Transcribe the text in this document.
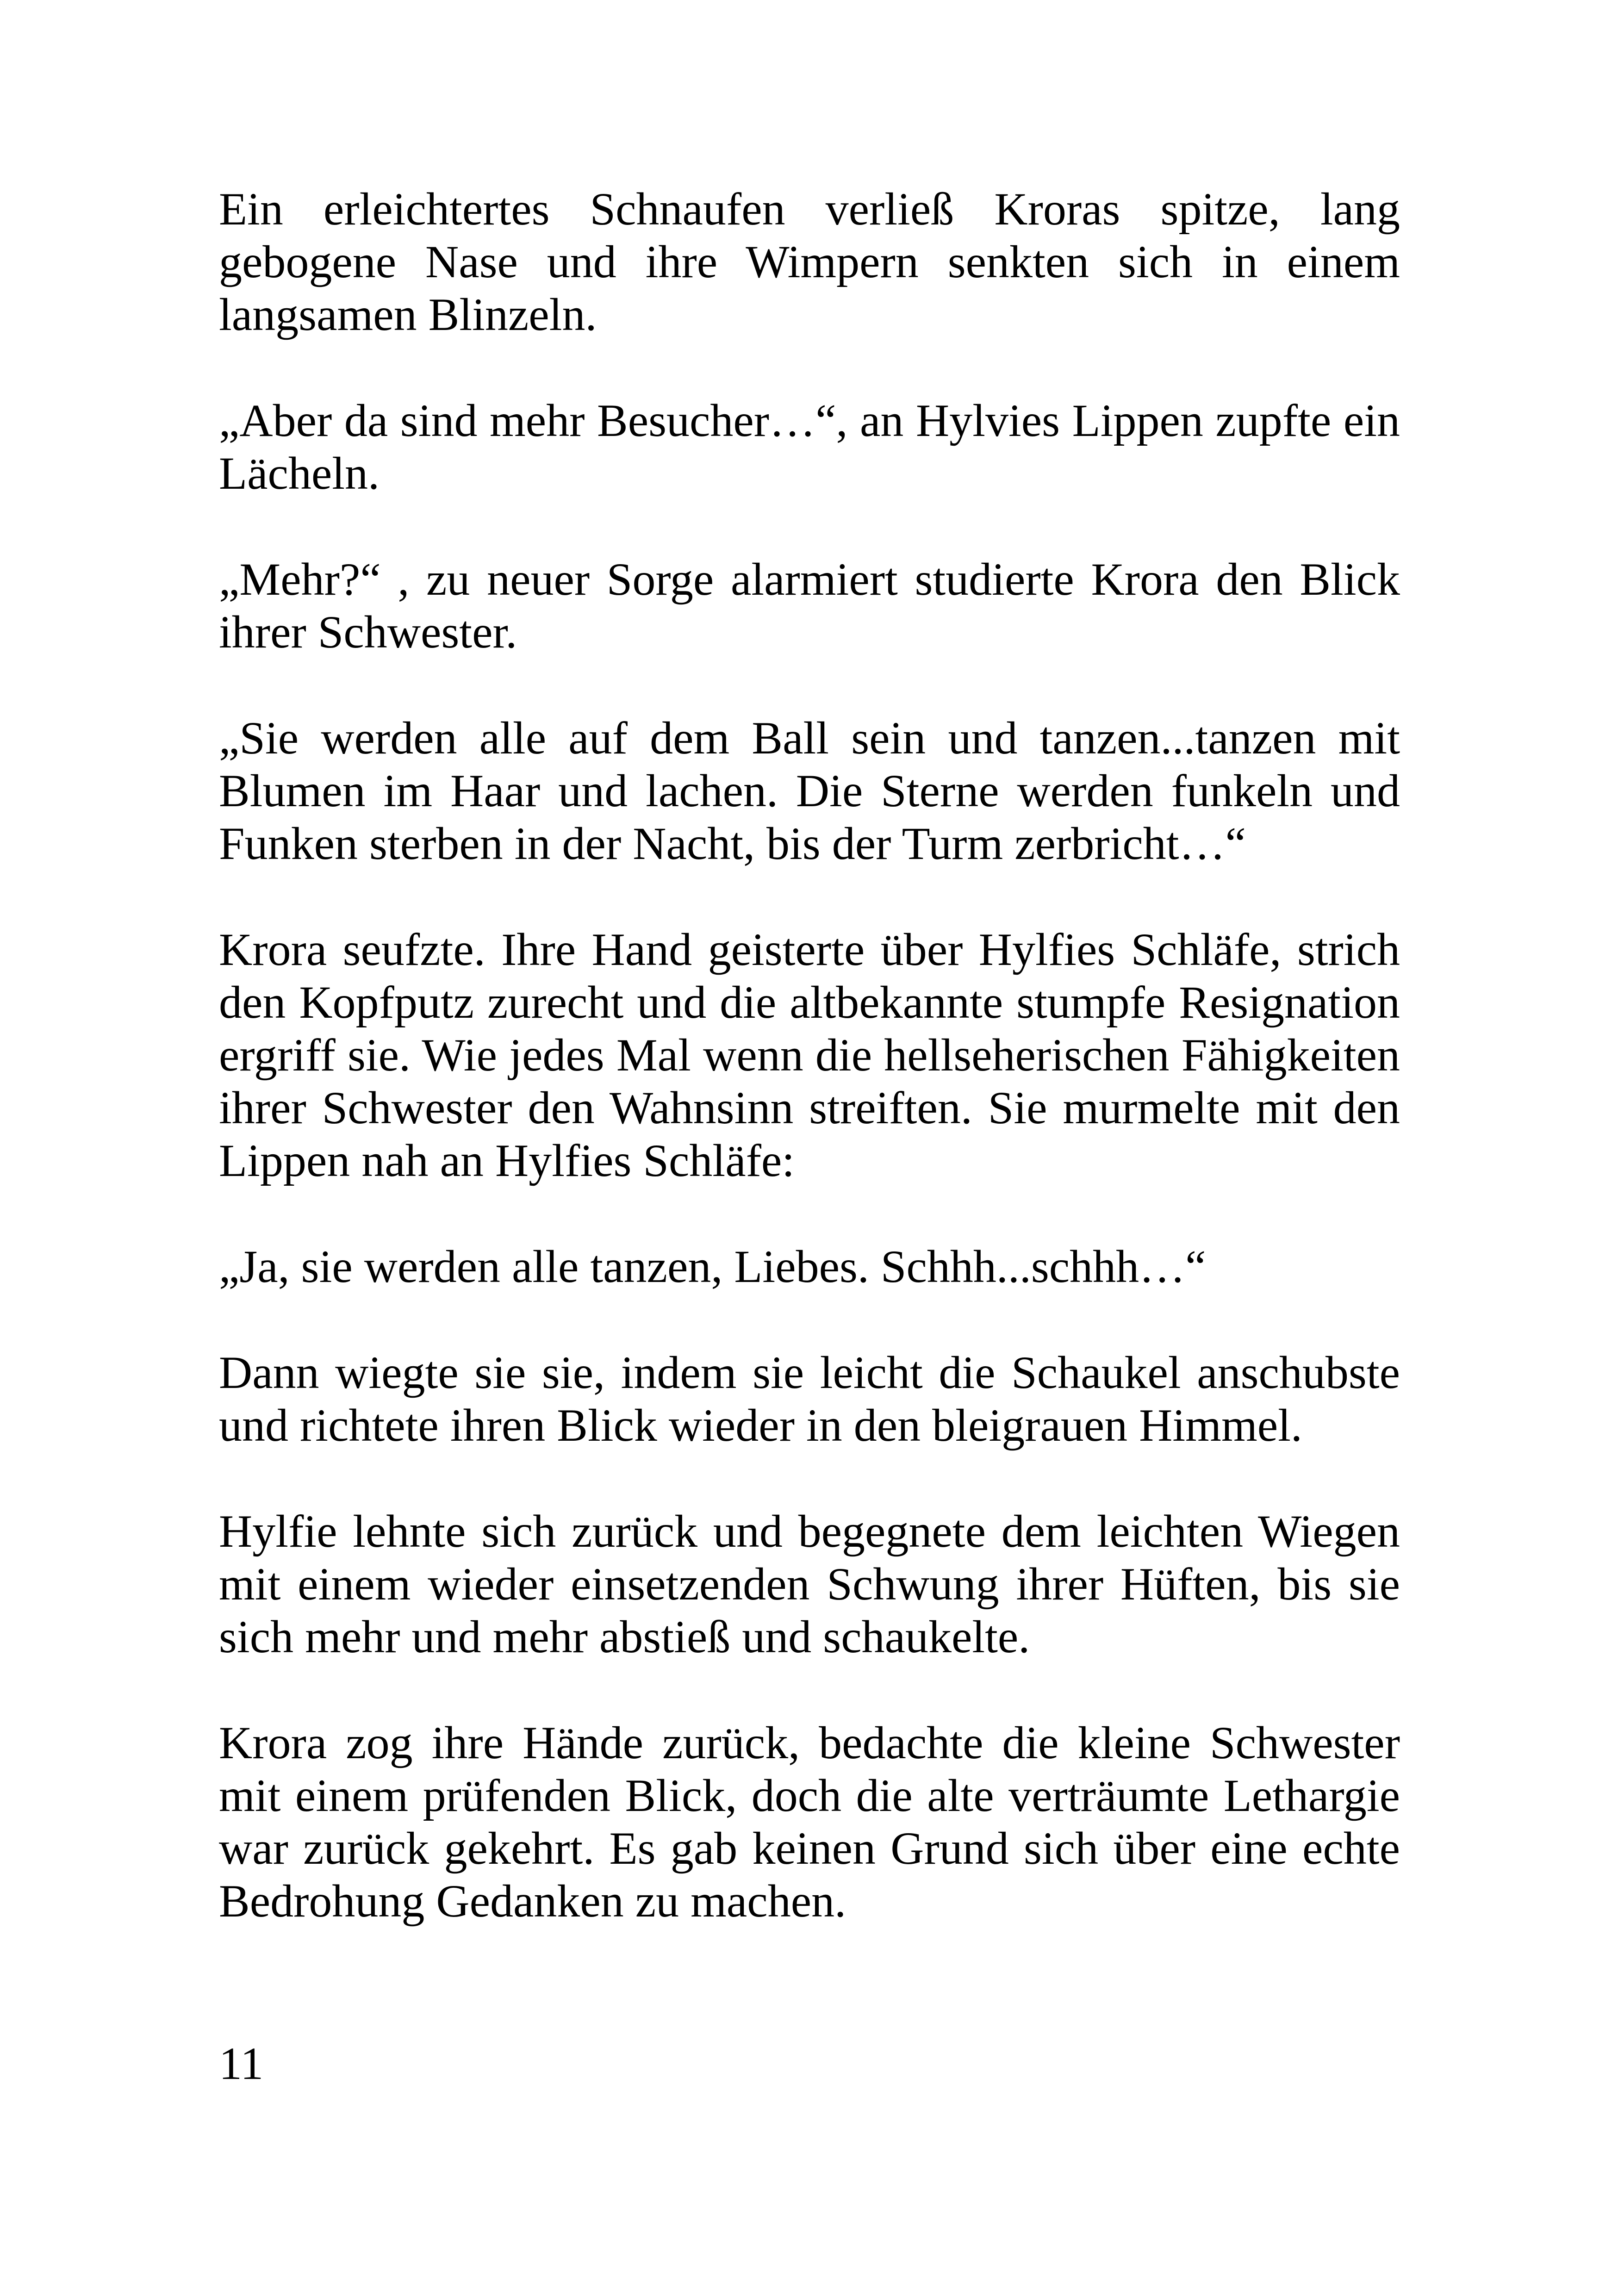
Ein erleichtertes Schnaufen verließ Kroras spitze, lang gebogene Nase und ihre Wimpern senkten sich in einem langsamen Blinzeln.

„Aber da sind mehr Besucher…“, an Hylvies Lippen zupfte ein Lächeln.

„Mehr?“ , zu neuer Sorge alarmiert studierte Krora den Blick ihrer Schwester.

„Sie werden alle auf dem Ball sein und tanzen...tanzen mit Blumen im Haar und lachen. Die Sterne werden funkeln und Funken sterben in der Nacht, bis der Turm zerbricht…“

Krora seufzte. Ihre Hand geisterte über Hylfies Schläfe, strich den Kopfputz zurecht und die altbekannte stumpfe Resignation ergriff sie. Wie jedes Mal wenn die hellseherischen Fähigkeiten ihrer Schwester den Wahnsinn streiften. Sie murmelte mit den Lippen nah an Hylfies Schläfe:

„Ja, sie werden alle tanzen, Liebes. Schhh...schhh…“

Dann wiegte sie sie, indem sie leicht die Schaukel anschubste und richtete ihren Blick wieder in den bleigrauen Himmel.

Hylfie lehnte sich zurück und begegnete dem leichten Wiegen mit einem wieder einsetzenden Schwung ihrer Hüften, bis sie sich mehr und mehr abstieß und schaukelte.

Krora zog ihre Hände zurück, bedachte die kleine Schwester mit einem prüfenden Blick, doch die alte verträumte Lethargie war zurück gekehrt. Es gab keinen Grund sich über eine echte Bedrohung Gedanken zu machen.

11
